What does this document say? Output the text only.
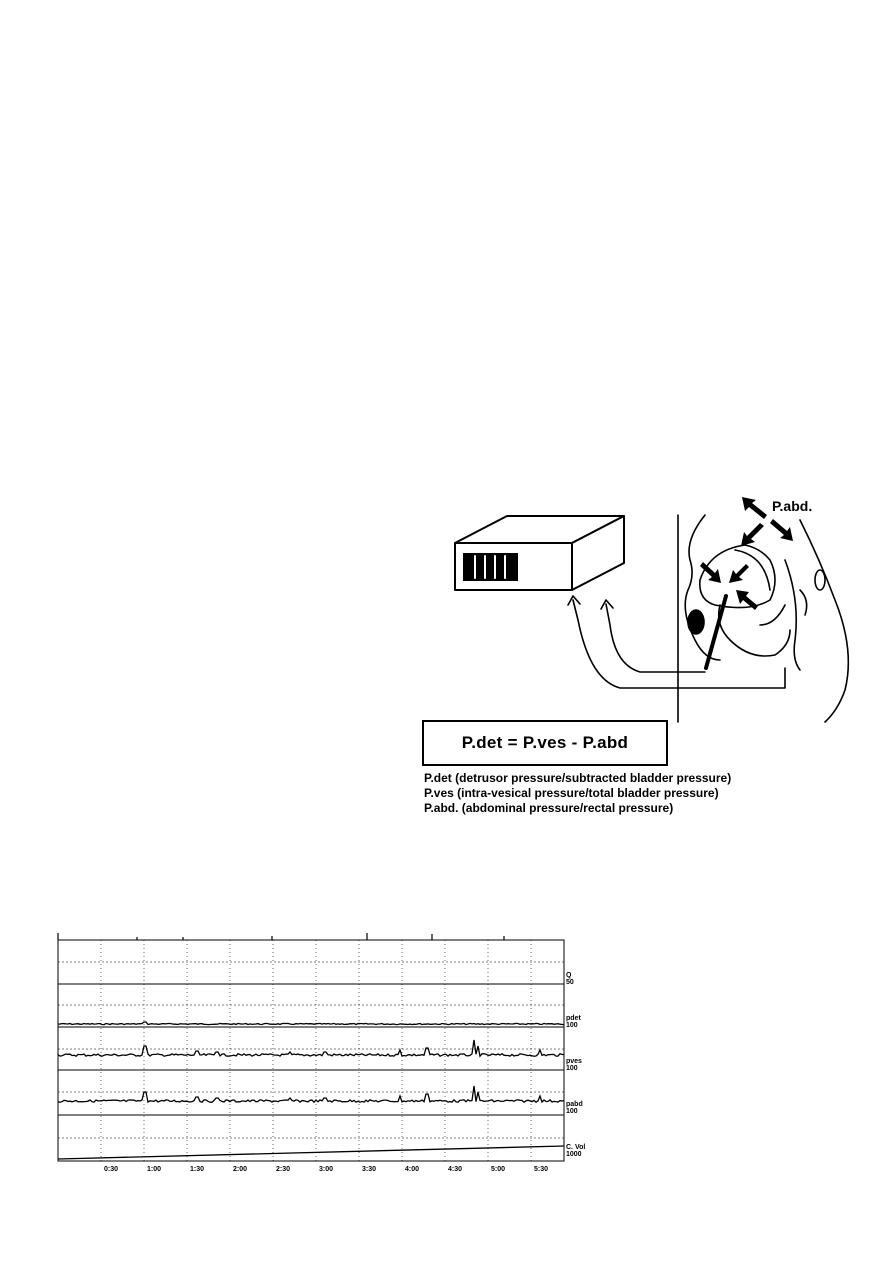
P.abd.
P.det = P.ves - P.abd
P.det (detrusor pressure/subtracted bladder pressure)
P.ves (intra-vesical pressure/total bladder pressure)
P.abd. (abdominal pressure/rectal pressure)
Q
50
pdet
100
pves
100
pabd
100
C. Vol
1000
0:30	1:00	1:30	2:00	2:30	3:00	3:30	4:00	4:30	5:00	5:30
